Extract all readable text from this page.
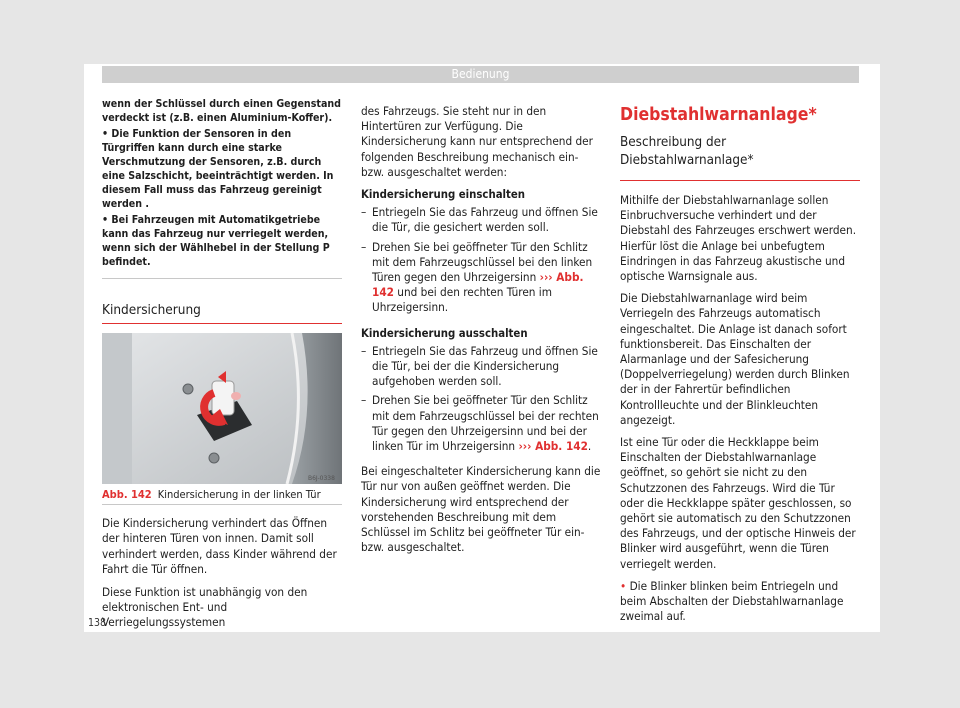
Bedienung

wenn der Schlüssel durch einen Gegenstand verdeckt ist (z.B. einen Aluminium-Koffer).

• Die Funktion der Sensoren in den Türgriffen kann durch eine starke Verschmutzung der Sensoren, z.B. durch eine Salzschicht, beeinträchtigt werden. In diesem Fall muss das Fahrzeug gereinigt werden .

• Bei Fahrzeugen mit Automatikgetriebe kann das Fahrzeug nur verriegelt werden, wenn sich der Wählhebel in der Stellung P befindet.

Kindersicherung
B6J-0338
Abb. 142 Kindersicherung in der linken Tür

Die Kindersicherung verhindert das Öffnen der hinteren Türen von innen. Damit soll verhindert werden, dass Kinder während der Fahrt die Tür öffnen.

Diese Funktion ist unabhängig von den elektronischen Ent- und Verriegelungssystemen

des Fahrzeugs. Sie steht nur in den Hintertüren zur Verfügung. Die Kindersicherung kann nur entsprechend der folgenden Beschreibung mechanisch ein- bzw. ausgeschaltet werden:

Kindersicherung einschalten
– Entriegeln Sie das Fahrzeug und öffnen Sie die Tür, die gesichert werden soll.
– Drehen Sie bei geöffneter Tür den Schlitz mit dem Fahrzeugschlüssel bei den linken Türen gegen den Uhrzeigersinn ››› Abb. 142 und bei den rechten Türen im Uhrzeigersinn.
Kindersicherung ausschalten
– Entriegeln Sie das Fahrzeug und öffnen Sie die Tür, bei der die Kindersicherung aufgehoben werden soll.
– Drehen Sie bei geöffneter Tür den Schlitz mit dem Fahrzeugschlüssel bei der rechten Tür gegen den Uhrzeigersinn und bei der linken Tür im Uhrzeigersinn ››› Abb. 142.

Bei eingeschalteter Kindersicherung kann die Tür nur von außen geöffnet werden. Die Kindersicherung wird entsprechend der vorstehenden Beschreibung mit dem Schlüssel im Schlitz bei geöffneter Tür ein- bzw. ausgeschaltet.

Diebstahlwarnanlage*
Beschreibung der Diebstahlwarnanlage*

Mithilfe der Diebstahlwarnanlage sollen Einbruchversuche verhindert und der Diebstahl des Fahrzeuges erschwert werden. Hierfür löst die Anlage bei unbefugtem Eindringen in das Fahrzeug akustische und optische Warnsignale aus.

Die Diebstahlwarnanlage wird beim Verriegeln des Fahrzeugs automatisch eingeschaltet. Die Anlage ist danach sofort funktionsbereit. Das Einschalten der Alarmanlage und der Safesicherung (Doppelverriegelung) werden durch Blinken der in der Fahrertür befindlichen Kontrollleuchte und der Blinkleuchten angezeigt.

Ist eine Tür oder die Heckklappe beim Einschalten der Diebstahlwarnanlage geöffnet, so gehört sie nicht zu den Schutzzonen des Fahrzeugs. Wird die Tür oder die Heckklappe später geschlossen, so gehört sie automatisch zu den Schutzzonen des Fahrzeugs, und der optische Hinweis der Blinker wird ausgeführt, wenn die Türen verriegelt werden.

• Die Blinker blinken beim Entriegeln und beim Abschalten der Diebstahlwarnanlage zweimal auf.

138
